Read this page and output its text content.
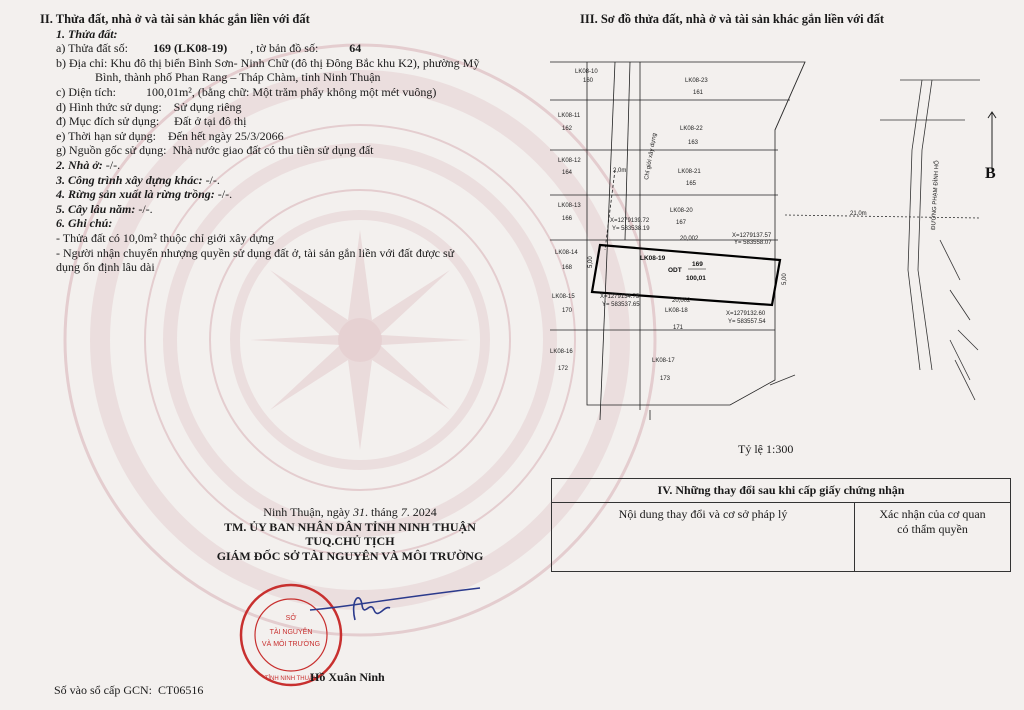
II. Thửa đất, nhà ở và tài sản khác gắn liền với đất
1. Thửa đất:
a) Thửa đất số: 169 (LK08-19) , tờ bản đồ số:	64
b) Địa chỉ: Khu đô thị biển Bình Sơn- Ninh Chữ (đô thị Đông Bắc khu K2), phường Mỹ
Bình, thành phố Phan Rang – Tháp Chàm, tỉnh Ninh Thuận
c) Diện tích:          100,01m², (bằng chữ: Một trăm phẩy không một mét vuông)
d) Hình thức sử dụng:    Sử dụng riêng
đ) Mục đích sử dụng:     Đất ở tại đô thị
e) Thời hạn sử dụng:    Đến hết ngày 25/3/2066
g) Nguồn gốc sử dụng:  Nhà nước giao đất có thu tiền sử dụng đất
2. Nhà ở: -/-.
3. Công trình xây dựng khác: -/-.
4. Rừng sản xuất là rừng trồng: -/-.
5. Cây lâu năm: -/-.
6. Ghi chú:
- Thửa đất có 10,0m² thuộc chỉ giới xây dựng
- Người nhận chuyển nhượng quyền sử dụng đất ở, tài sản gắn liền với đất được sử
dụng ổn định lâu dài
III. Sơ đồ thửa đất, nhà ở và tài sản khác gắn liền với đất
21,0m	ĐƯỜNG PHẠM ĐÌNH HỔ
Chỉ giới xây dựng
2,0m
LK08-10
160	LK08-23
161
LK08-11
162	LK08-22
163
LK08-12
164	LK08-21
165
LK08-13
166
LK08-20
167
LK08-14
168
LK08-15
170	LK08-18
171
LK08-16
172
LK08-17
173
LK08-19
ODT
169
100,01
20,002
20,002
5,00
5,00
X=1279139.72
Y= 583538.19
X=1279137.57
Y= 583558.07
X=1279134.75
Y= 583537.65
X=1279132.60
Y= 583557.54
B
Tỷ lệ 1:300
IV. Những thay đổi sau khi cấp giấy chứng nhận
Nội dung thay đổi và cơ sở pháp lý	Xác nhận của cơ quan
có thẩm quyền
Ninh Thuận, ngày 31. tháng 7. 2024
TM. ỦY BAN NHÂN DÂN TỈNH NINH THUẬN
TUQ.CHỦ TỊCH
GIÁM ĐỐC SỞ TÀI NGUYÊN VÀ MÔI TRƯỜNG
SỞ
TÀI NGUYÊN
VÀ MÔI TRƯỜNG
TỈNH NINH THUẬN
Hồ Xuân Ninh
Số vào sổ cấp GCN:  CT06516
